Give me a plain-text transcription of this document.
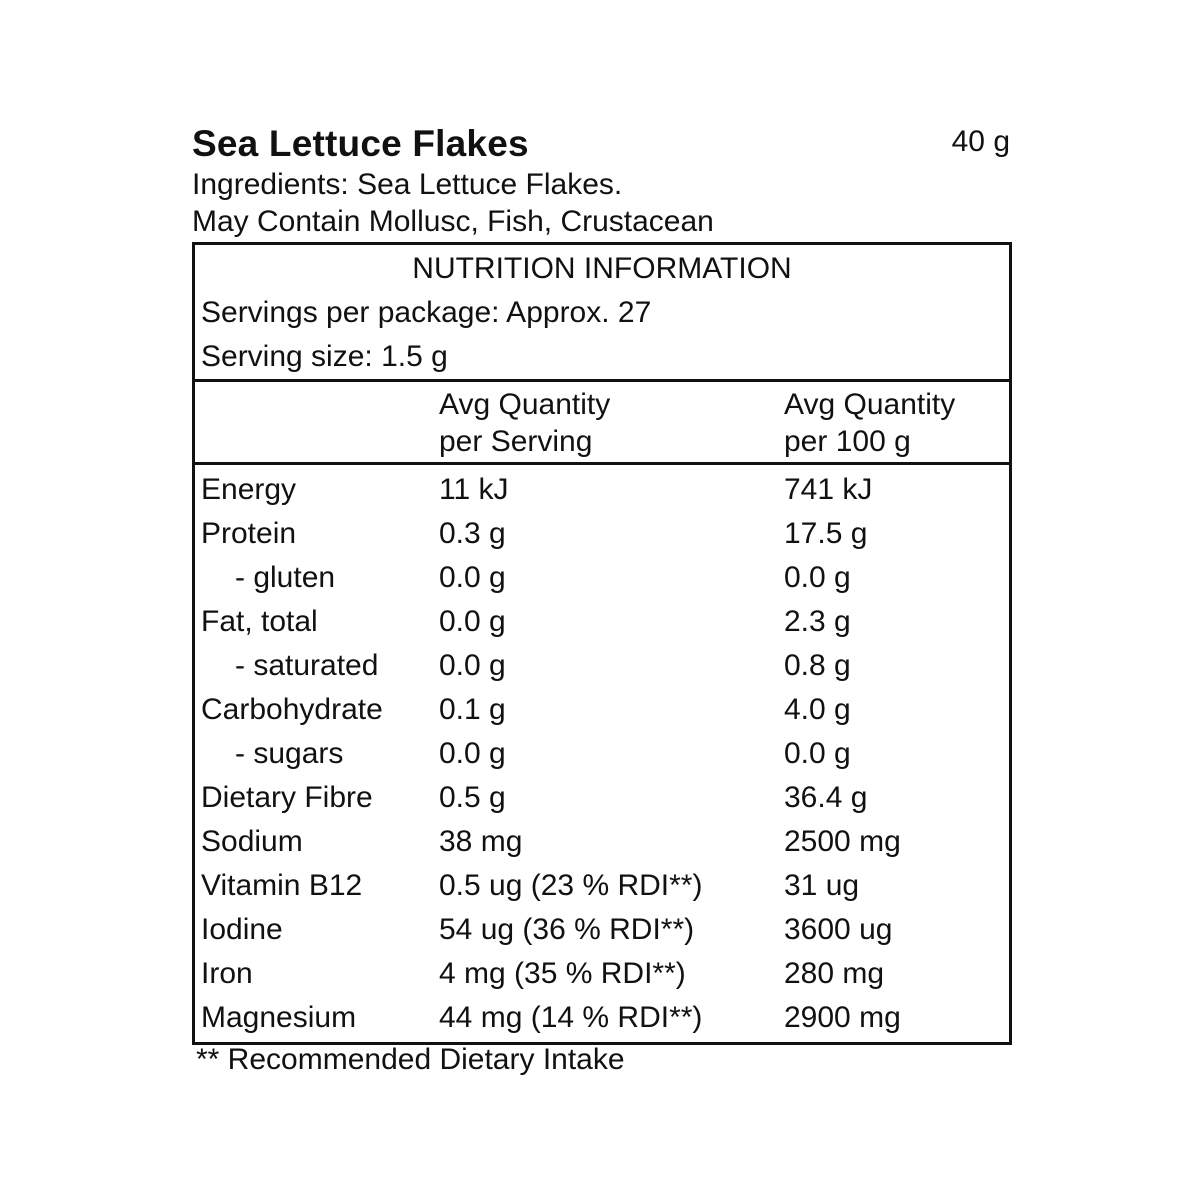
Sea Lettuce Flakes	40 g
Ingredients: Sea Lettuce Flakes.
May Contain Mollusc, Fish, Crustacean
NUTRITION INFORMATION
Servings per package: Approx. 27
Serving size: 1.5 g
Avg Quantity
per Serving
Avg Quantity
per 100 g
Energy	11 kJ	741 kJ
Protein	0.3 g	17.5 g
- gluten	0.0 g	0.0 g
Fat, total	0.0 g	2.3 g
- saturated 0.0 g	0.8 g
Carbohydrate 0.1 g	4.0 g
- sugars	0.0 g	0.0 g
Dietary Fibre 0.5 g	36.4 g
Sodium	38 mg	2500 mg
Vitamin B12	0.5 ug (23 % RDI**)	31 ug
Iodine	54 ug (36 % RDI**)	3600 ug
Iron	4 mg (35 % RDI**)	280 mg
Magnesium	44 mg (14 % RDI**)	2900 mg
** Recommended Dietary Intake
